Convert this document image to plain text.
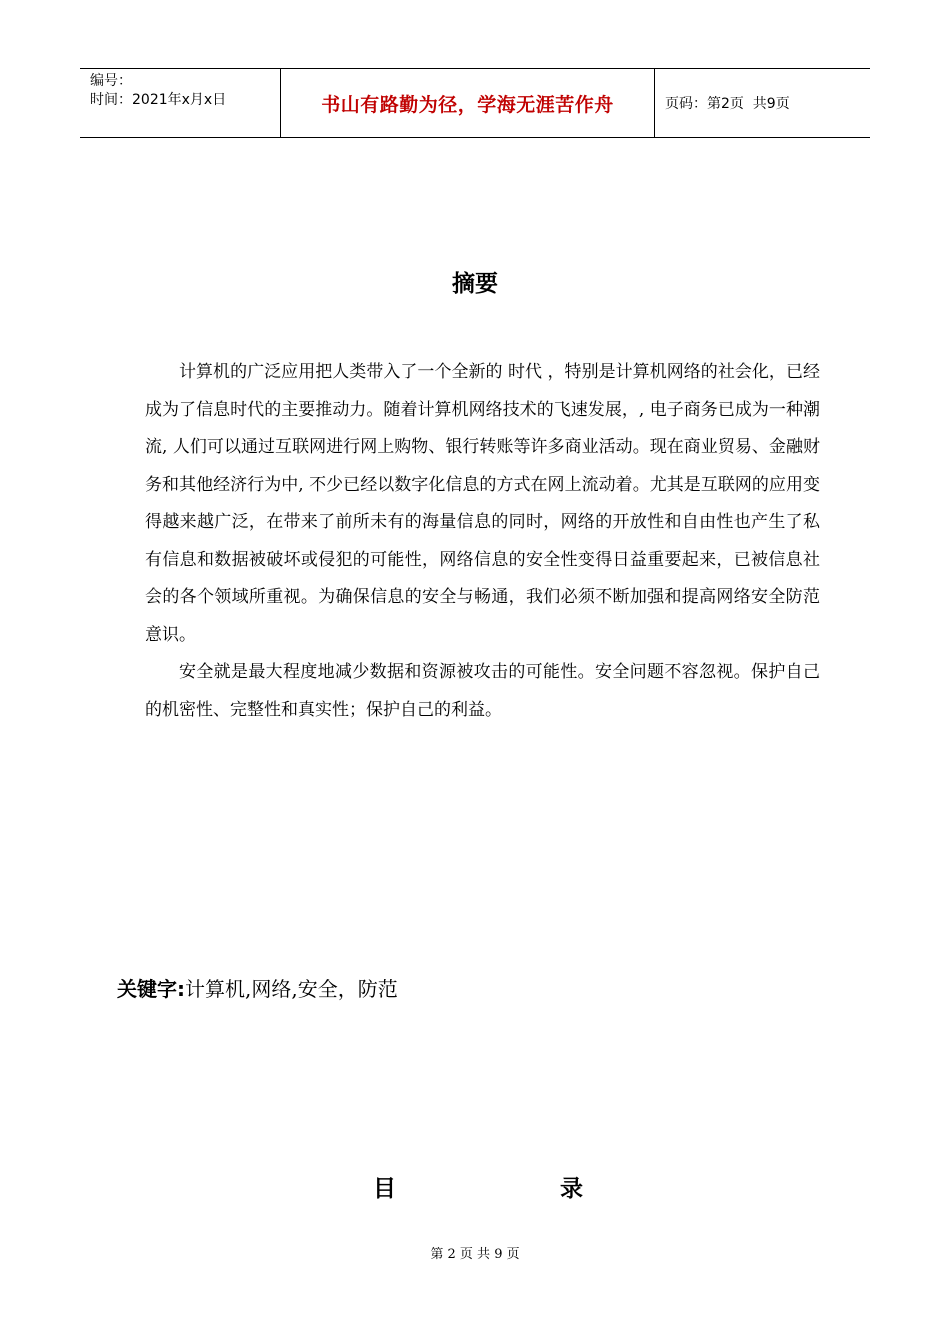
编号：
时间：2021年x月x日	书山有路勤为径，学海无涯苦作舟	页码：第2页  共9页
摘要

计算机的广泛应用把人类带入了一个全新的 时代 ，特别是计算机网络的社会化，已经成为了信息时代的主要推动力。随着计算机网络技术的飞速发展，, 电子商务已成为一种潮流, 人们可以通过互联网进行网上购物、银行转账等许多商业活动。现在商业贸易、金融财务和其他经济行为中, 不少已经以数字化信息的方式在网上流动着。尤其是互联网的应用变得越来越广泛，在带来了前所未有的海量信息的同时，网络的开放性和自由性也产生了私有信息和数据被破坏或侵犯的可能性，网络信息的安全性变得日益重要起来，已被信息社会的各个领域所重视。为确保信息的安全与畅通，我们必须不断加强和提高网络安全防范意识。

安全就是最大程度地减少数据和资源被攻击的可能性。安全问题不容忽视。保护自己的机密性、完整性和真实性；保护自己的利益。

关键字:计算机,网络,安全，防范
目	录
第 2 页 共 9 页
